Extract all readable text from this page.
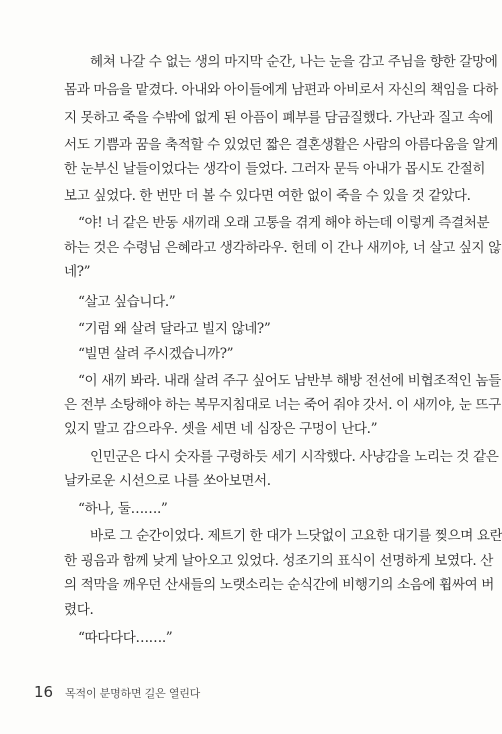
헤쳐 나갈 수 없는 생의 마지막 순간, 나는 눈을 감고 주님을 향한 갈망에
몸과 마음을 맡겼다. 아내와 아이들에게 남편과 아비로서 자신의 책임을 다하
지 못하고 죽을 수밖에 없게 된 아픔이 폐부를 담금질했다. 가난과 질고 속에
서도 기쁨과 꿈을 축적할 수 있었던 짧은 결혼생활은 사람의 아름다움을 알게
한 눈부신 날들이었다는 생각이 들었다. 그러자 문득 아내가 몹시도 간절히
보고 싶었다. 한 번만 더 볼 수 있다면 여한 없이 죽을 수 있을 것 같았다.
“야! 너 같은 반동 새끼래 오래 고통을 겪게 해야 하는데 이렇게 즉결처분
하는 것은 수령님 은혜라고 생각하라우. 헌데 이 간나 새끼야, 너 살고 싶지 않
네?”
“살고 싶습니다.”
“기럼 왜 살려 달라고 빌지 않네?”
“빌면 살려 주시겠습니까?”
“이 새끼 봐라. 내래 살려 주구 싶어도 남반부 해방 전선에 비협조적인 놈들
은 전부 소탕해야 하는 복무지침대로 너는 죽어 줘야 갓서. 이 새끼야, 눈 뜨구
있지 말고 감으라우. 셋을 세면 네 심장은 구멍이 난다.”
인민군은 다시 숫자를 구령하듯 세기 시작했다. 사냥감을 노리는 것 같은
날카로운 시선으로 나를 쏘아보면서.
“하나, 둘…….”
바로 그 순간이었다. 제트기 한 대가 느닷없이 고요한 대기를 찢으며 요란
한 굉음과 함께 낮게 날아오고 있었다. 성조기의 표식이 선명하게 보였다. 산
의 적막을 깨우던 산새들의 노랫소리는 순식간에 비행기의 소음에 휩싸여 버
렸다.
“따다다다…….”
16 목적이 분명하면 길은 열린다
